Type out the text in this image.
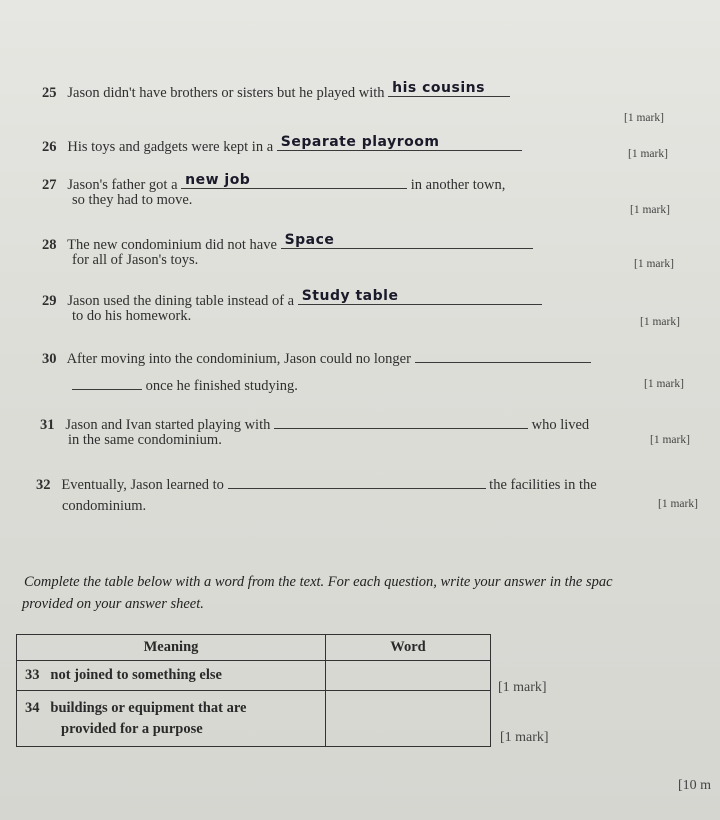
25 Jason didn't have brothers or sisters but he played with his cousins
[1 mark]
26 His toys and gadgets were kept in a Separate playroom
[1 mark]
27 Jason's father got a new job	in another town,
so they had to move.
[1 mark]
28 The new condominium did not have Space
for all of Jason's toys.	[1 mark]
29 Jason used the dining table instead of a Study table
to do his homework.	[1 mark]
30 After moving into the condominium, Jason could no longer
once he finished studying.	[1 mark]
31 Jason and Ivan started playing with	who lived
in the same condominium.	[1 mark]
32 Eventually, Jason learned to	the facilities in the
condominium.	[1 mark]
Complete the table below with a word from the text. For each question, write your answer in the spac
provided on your answer sheet.
Meaning	Word
33 not joined to something else	
34 buildings or equipment that are
provided for a purpose	
[1 mark]
[1 mark]
[10 m
